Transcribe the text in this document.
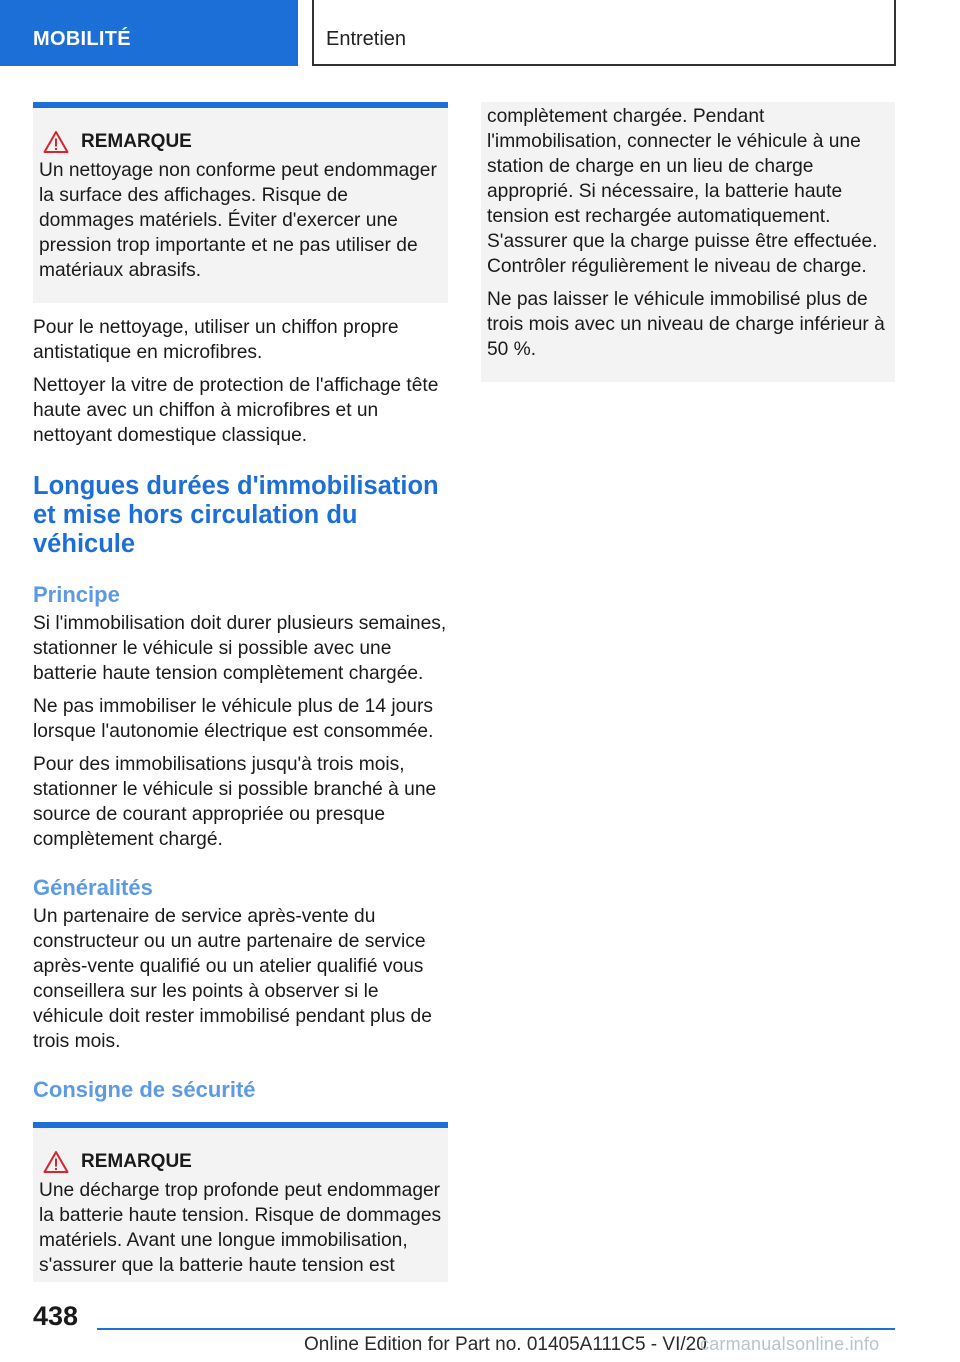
MOBILITÉ	Entretien
REMARQUE

Un nettoyage non conforme peut endommager la surface des affichages. Risque de dommages matériels. Éviter d'exercer une pression trop importante et ne pas utiliser de matériaux abrasifs.

Pour le nettoyage, utiliser un chiffon propre antistatique en microfibres.

Nettoyer la vitre de protection de l'affichage tête haute avec un chiffon à microfibres et un nettoyant domestique classique.

Longues durées d'immobilisation et mise hors circulation du véhicule
Principe

Si l'immobilisation doit durer plusieurs semaines, stationner le véhicule si possible avec une batterie haute tension complètement chargée.

Ne pas immobiliser le véhicule plus de 14 jours lorsque l'autonomie électrique est consommée.

Pour des immobilisations jusqu'à trois mois, stationner le véhicule si possible branché à une source de courant appropriée ou presque complètement chargé.

Généralités

Un partenaire de service après-vente du constructeur ou un autre partenaire de service après-vente qualifié ou un atelier qualifié vous conseillera sur les points à observer si le véhicule doit rester immobilisé pendant plus de trois mois.

Consigne de sécurité
REMARQUE

Une décharge trop profonde peut endommager la batterie haute tension. Risque de dommages matériels. Avant une longue immobilisation, s'assurer que la batterie haute tension est

complètement chargée. Pendant l'immobilisation, connecter le véhicule à une station de charge en un lieu de charge approprié. Si nécessaire, la batterie haute tension est rechargée automatiquement. S'assurer que la charge puisse être effectuée. Contrôler régulièrement le niveau de charge.

Ne pas laisser le véhicule immobilisé plus de trois mois avec un niveau de charge inférieur à 50 %.

438
Online Edition for Part no. 01405A111C5 - VI/20
carmanualsonline.info
